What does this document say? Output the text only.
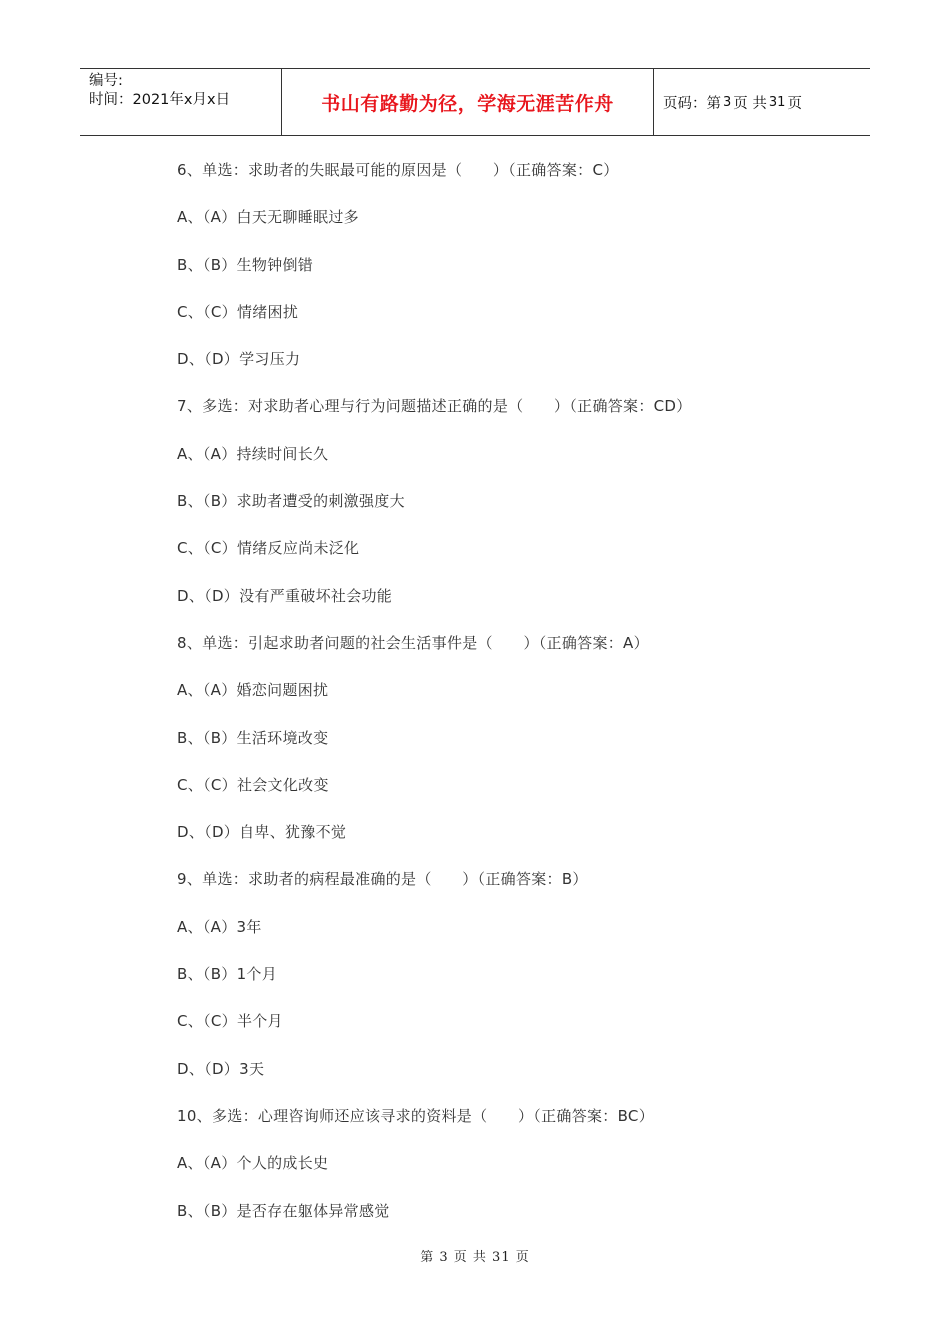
编号:
时间：2021年x月x日	书山有路勤为径，学海无涯苦作舟	页码：第 3 页 共 31 页
6、单选：求助者的失眠最可能的原因是（　　）（正确答案：C）
A、（A）白天无聊睡眠过多
B、（B）生物钟倒错
C、（C）情绪困扰
D、（D）学习压力
7、多选：对求助者心理与行为问题描述正确的是（　　）（正确答案：CD）
A、（A）持续时间长久
B、（B）求助者遭受的刺激强度大
C、（C）情绪反应尚未泛化
D、（D）没有严重破坏社会功能
8、单选：引起求助者问题的社会生活事件是（　　）（正确答案：A）
A、（A）婚恋问题困扰
B、（B）生活环境改变
C、（C）社会文化改变
D、（D）自卑、犹豫不觉
9、单选：求助者的病程最准确的是（　　）（正确答案：B）
A、（A）3年
B、（B）1个月
C、（C）半个月
D、（D）3天
10、多选：心理咨询师还应该寻求的资料是（　　）（正确答案：BC）
A、（A）个人的成长史
B、（B）是否存在躯体异常感觉
第 3 页 共 31 页
